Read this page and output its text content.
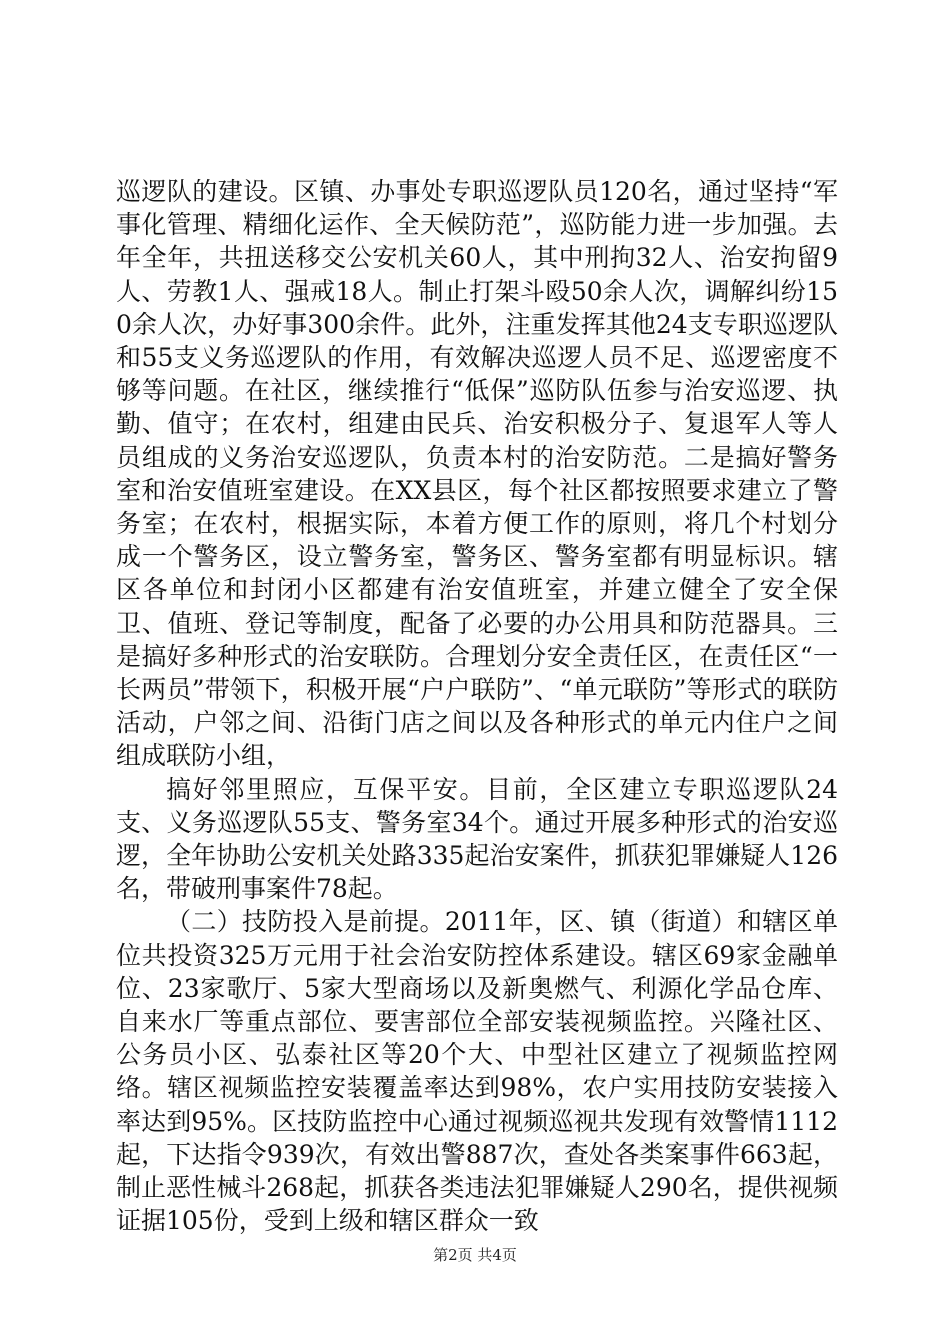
巡逻队的建设。区镇、办事处专职巡逻队员120名，通过坚持“军事化管理、精细化运作、全天候防范”，巡防能力进一步加强。去年全年，共扭送移交公安机关60人，其中刑拘32人、治安拘留9人、劳教1人、强戒18人。制止打架斗殴50余人次，调解纠纷150余人次，办好事300余件。此外，注重发挥其他24支专职巡逻队和55支义务巡逻队的作用，有效解决巡逻人员不足、巡逻密度不够等问题。在社区，继续推行“低保”巡防队伍参与治安巡逻、执勤、值守；在农村，组建由民兵、治安积极分子、复退军人等人员组成的义务治安巡逻队，负责本村的治安防范。二是搞好警务室和治安值班室建设。在XX县区，每个社区都按照要求建立了警务室；在农村，根据实际，本着方便工作的原则，将几个村划分成一个警务区，设立警务室，警务区、警务室都有明显标识。辖区各单位和封闭小区都建有治安值班室，并建立健全了安全保卫、值班、登记等制度，配备了必要的办公用具和防范器具。三是搞好多种形式的治安联防。合理划分安全责任区，在责任区“一长两员”带领下，积极开展“户户联防”、“单元联防”等形式的联防活动，户邻之间、沿街门店之间以及各种形式的单元内住户之间组成联防小组，

搞好邻里照应，互保平安。目前，全区建立专职巡逻队24支、义务巡逻队55支、警务室34个。通过开展多种形式的治安巡逻，全年协助公安机关处路335起治安案件，抓获犯罪嫌疑人126名，带破刑事案件78起。

（二）技防投入是前提。2011年，区、镇（街道）和辖区单位共投资325万元用于社会治安防控体系建设。辖区69家金融单位、23家歌厅、5家大型商场以及新奥燃气、利源化学品仓库、自来水厂等重点部位、要害部位全部安装视频监控。兴隆社区、公务员小区、弘泰社区等20个大、中型社区建立了视频监控网络。辖区视频监控安装覆盖率达到98%，农户实用技防安装接入率达到95%。区技防监控中心通过视频巡视共发现有效警情1112起，下达指令939次，有效出警887次，查处各类案事件663起，制止恶性械斗268起，抓获各类违法犯罪嫌疑人290名，提供视频证据105份，受到上级和辖区群众一致

第2页 共4页
